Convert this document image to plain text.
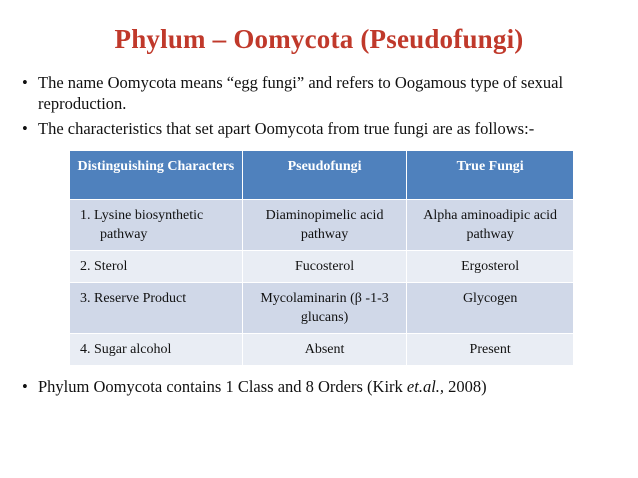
Phylum – Oomycota (Pseudofungi)
• The name Oomycota means “egg fungi” and refers to Oogamous type of sexual reproduction.
• The characteristics that set apart Oomycota from true fungi are as follows:-
Distinguishing Characters	Pseudofungi	True Fungi
1. Lysine biosynthetic pathway	Diaminopimelic acid pathway	Alpha aminoadipic acid pathway
2. Sterol	Fucosterol	Ergosterol
3. Reserve Product	Mycolaminarin (β -1-3 glucans)	Glycogen
4. Sugar alcohol	Absent	Present
• Phylum Oomycota contains 1 Class and 8 Orders (Kirk et.al., 2008)
